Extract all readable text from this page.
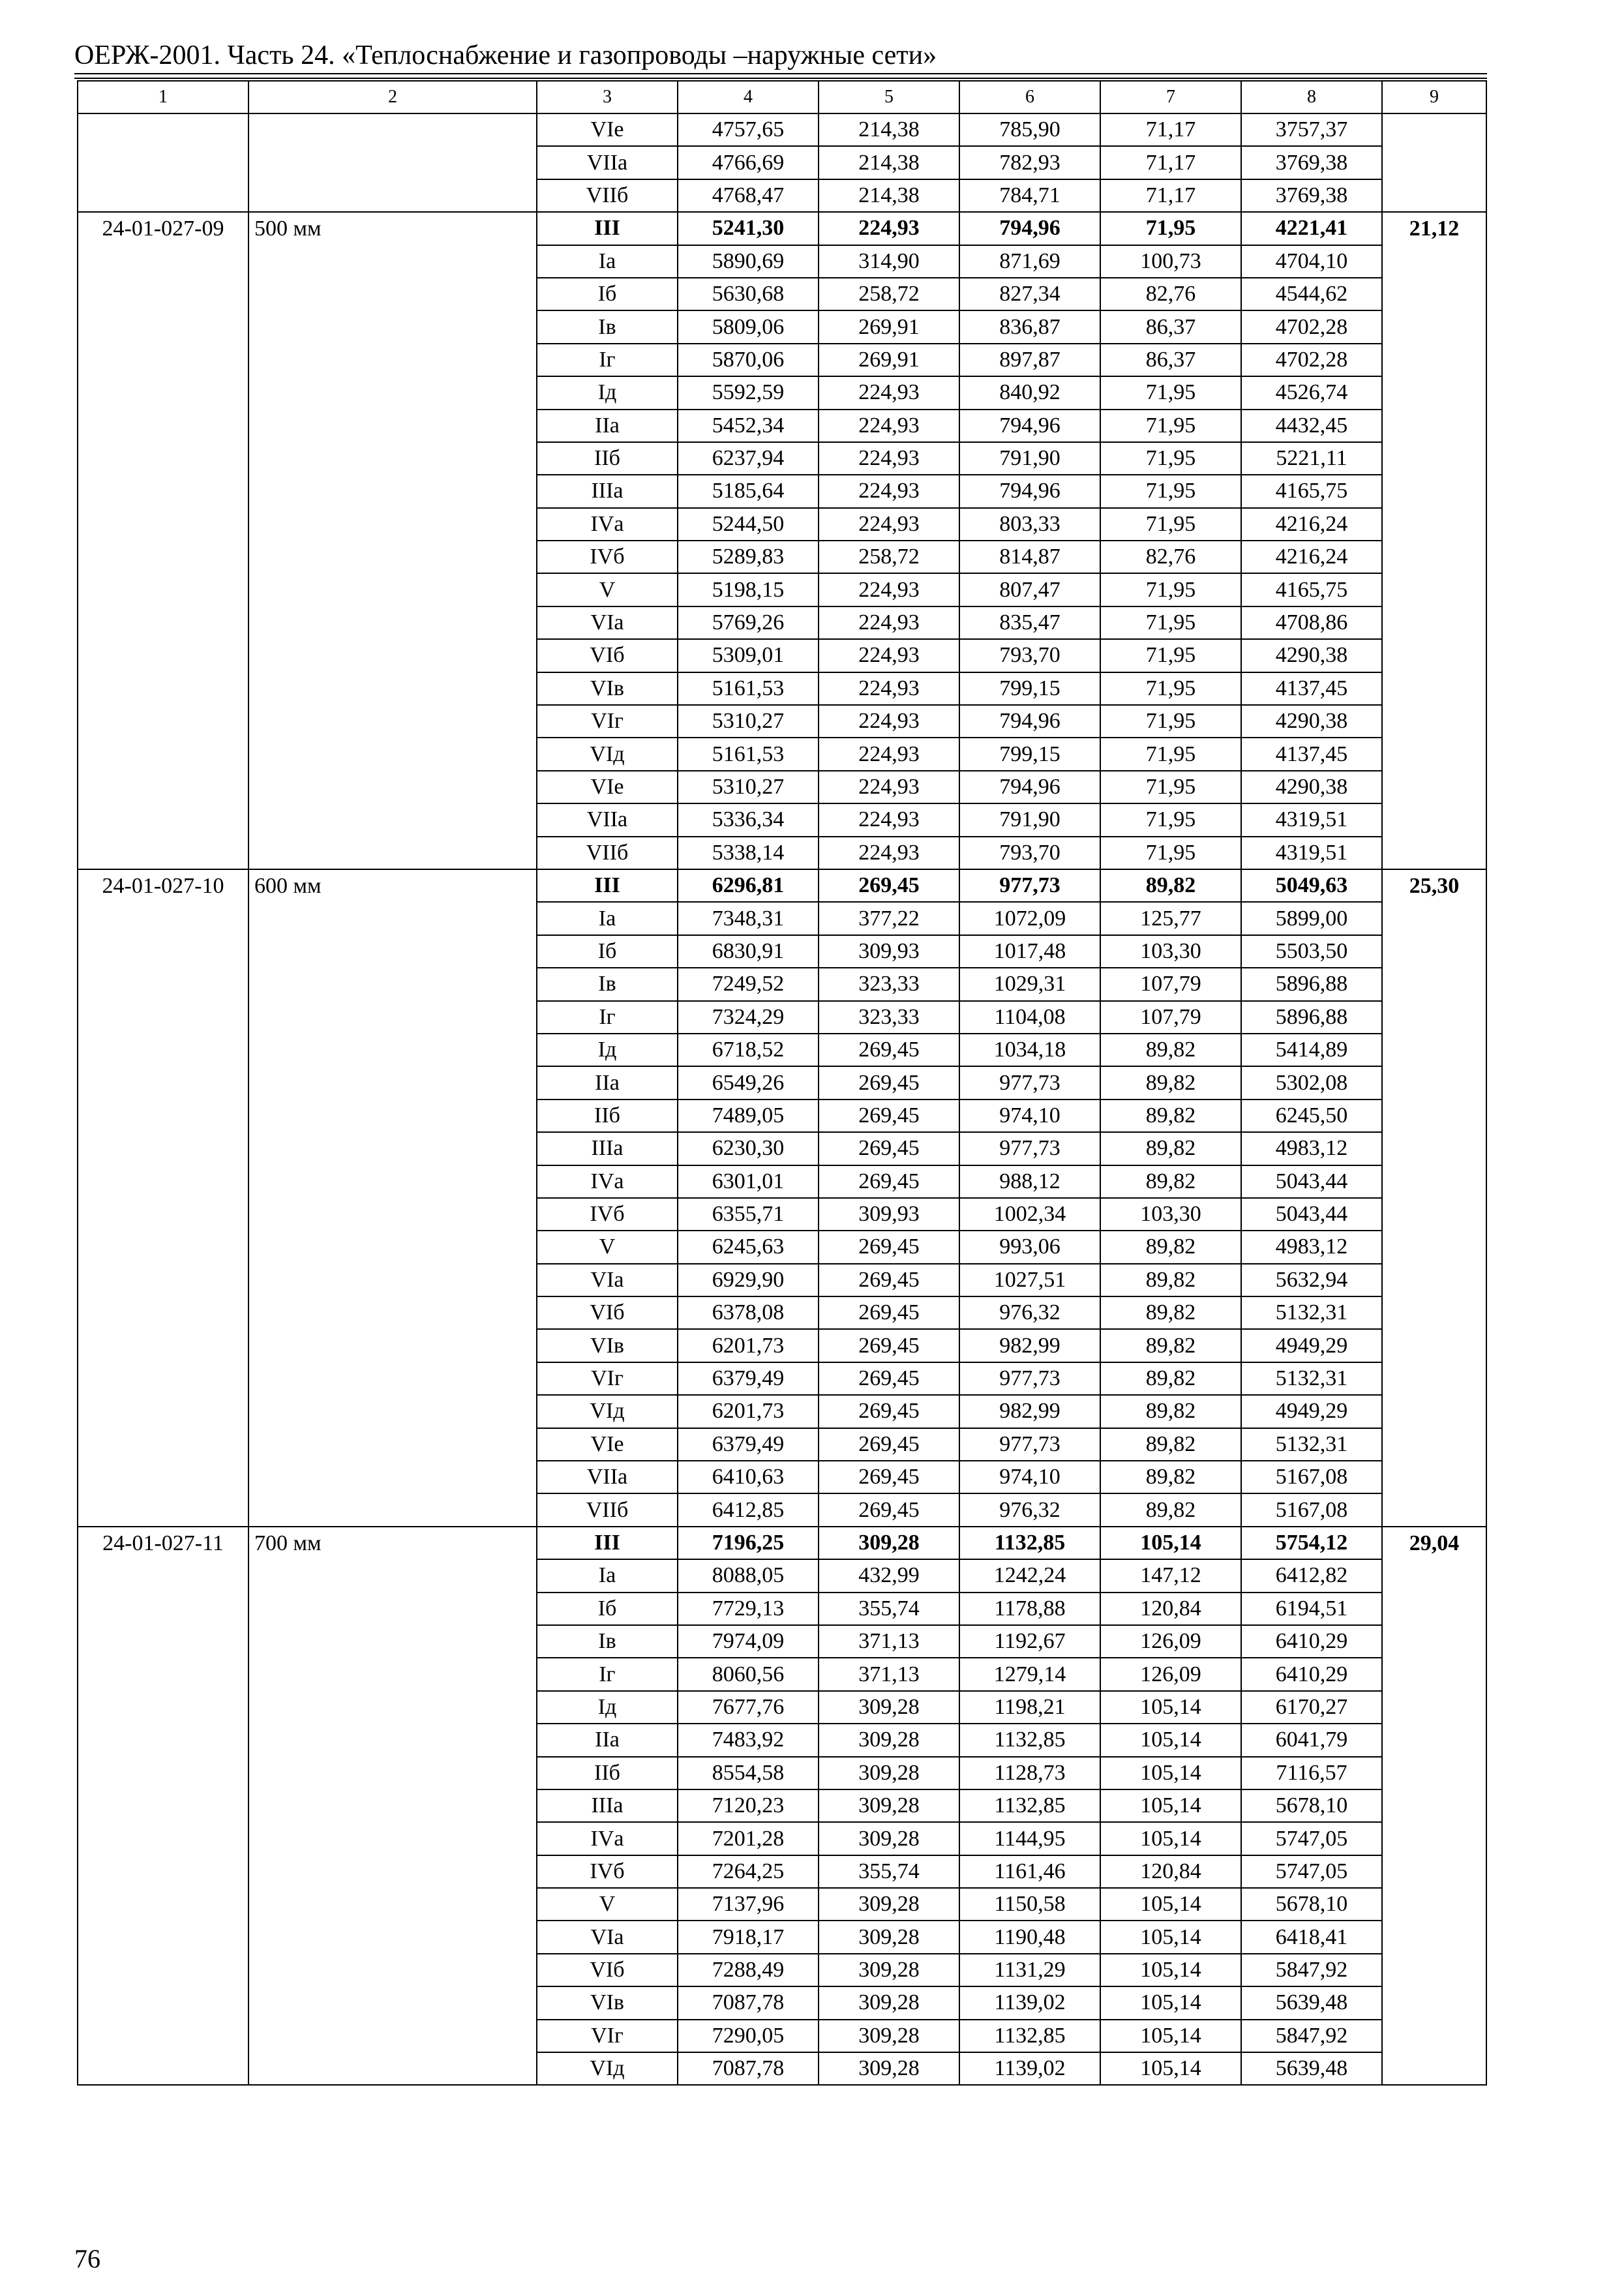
ОЕРЖ-2001. Часть 24. «Теплоснабжение и газопроводы –наружные сети»
1	2	3	4	5	6	7	8	9
		VIе	4757,65	214,38	785,90	71,17	3757,37	
		VIIа	4766,69	214,38	782,93	71,17	3769,38	
		VIIб	4768,47	214,38	784,71	71,17	3769,38	
24-01-027-09	500 мм	III	5241,30	224,93	794,96	71,95	4221,41	21,12
		Iа	5890,69	314,90	871,69	100,73	4704,10	
		Iб	5630,68	258,72	827,34	82,76	4544,62	
		Iв	5809,06	269,91	836,87	86,37	4702,28	
		Iг	5870,06	269,91	897,87	86,37	4702,28	
		Iд	5592,59	224,93	840,92	71,95	4526,74	
		IIа	5452,34	224,93	794,96	71,95	4432,45	
		IIб	6237,94	224,93	791,90	71,95	5221,11	
		IIIа	5185,64	224,93	794,96	71,95	4165,75	
		IVа	5244,50	224,93	803,33	71,95	4216,24	
		IVб	5289,83	258,72	814,87	82,76	4216,24	
		V	5198,15	224,93	807,47	71,95	4165,75	
		VIа	5769,26	224,93	835,47	71,95	4708,86	
		VIб	5309,01	224,93	793,70	71,95	4290,38	
		VIв	5161,53	224,93	799,15	71,95	4137,45	
		VIг	5310,27	224,93	794,96	71,95	4290,38	
		VIд	5161,53	224,93	799,15	71,95	4137,45	
		VIе	5310,27	224,93	794,96	71,95	4290,38	
		VIIа	5336,34	224,93	791,90	71,95	4319,51	
		VIIб	5338,14	224,93	793,70	71,95	4319,51	
24-01-027-10	600 мм	III	6296,81	269,45	977,73	89,82	5049,63	25,30
		Iа	7348,31	377,22	1072,09	125,77	5899,00	
		Iб	6830,91	309,93	1017,48	103,30	5503,50	
		Iв	7249,52	323,33	1029,31	107,79	5896,88	
		Iг	7324,29	323,33	1104,08	107,79	5896,88	
		Iд	6718,52	269,45	1034,18	89,82	5414,89	
		IIа	6549,26	269,45	977,73	89,82	5302,08	
		IIб	7489,05	269,45	974,10	89,82	6245,50	
		IIIа	6230,30	269,45	977,73	89,82	4983,12	
		IVа	6301,01	269,45	988,12	89,82	5043,44	
		IVб	6355,71	309,93	1002,34	103,30	5043,44	
		V	6245,63	269,45	993,06	89,82	4983,12	
		VIа	6929,90	269,45	1027,51	89,82	5632,94	
		VIб	6378,08	269,45	976,32	89,82	5132,31	
		VIв	6201,73	269,45	982,99	89,82	4949,29	
		VIг	6379,49	269,45	977,73	89,82	5132,31	
		VIд	6201,73	269,45	982,99	89,82	4949,29	
		VIе	6379,49	269,45	977,73	89,82	5132,31	
		VIIа	6410,63	269,45	974,10	89,82	5167,08	
		VIIб	6412,85	269,45	976,32	89,82	5167,08	
24-01-027-11	700 мм	III	7196,25	309,28	1132,85	105,14	5754,12	29,04
		Iа	8088,05	432,99	1242,24	147,12	6412,82	
		Iб	7729,13	355,74	1178,88	120,84	6194,51	
		Iв	7974,09	371,13	1192,67	126,09	6410,29	
		Iг	8060,56	371,13	1279,14	126,09	6410,29	
		Iд	7677,76	309,28	1198,21	105,14	6170,27	
		IIа	7483,92	309,28	1132,85	105,14	6041,79	
		IIб	8554,58	309,28	1128,73	105,14	7116,57	
		IIIа	7120,23	309,28	1132,85	105,14	5678,10	
		IVа	7201,28	309,28	1144,95	105,14	5747,05	
		IVб	7264,25	355,74	1161,46	120,84	5747,05	
		V	7137,96	309,28	1150,58	105,14	5678,10	
		VIа	7918,17	309,28	1190,48	105,14	6418,41	
		VIб	7288,49	309,28	1131,29	105,14	5847,92	
		VIв	7087,78	309,28	1139,02	105,14	5639,48	
		VIг	7290,05	309,28	1132,85	105,14	5847,92	
		VIд	7087,78	309,28	1139,02	105,14	5639,48	
76
